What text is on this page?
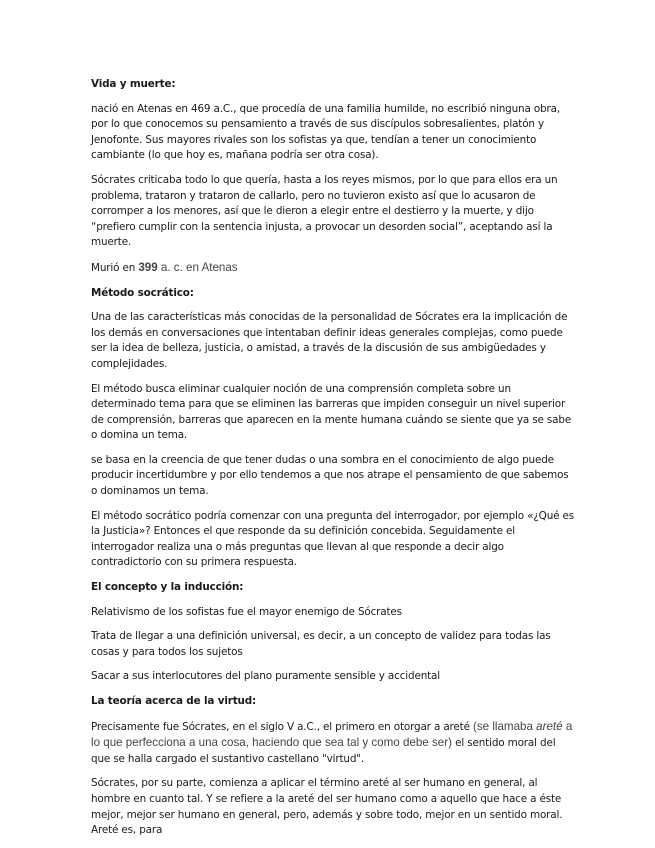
Vida y muerte:
nació en Atenas en 469 a.C., que procedía de una familia humilde, no escribió ninguna obra, por lo que conocemos su pensamiento a través de sus discípulos sobresalientes, platón y Jenofonte. Sus mayores rivales son los sofistas ya que, tendían a tener un conocimiento cambiante (lo que hoy es, mañana podría ser otra cosa).
Sócrates criticaba todo lo que quería, hasta a los reyes mismos, por lo que para ellos era un problema, trataron y trataron de callarlo, pero no tuvieron existo así que lo acusaron de corromper a los menores, así que le dieron a elegir entre el destierro y la muerte, y dijo “prefiero cumplir con la sentencia injusta, a provocar un desorden social”, aceptando así la muerte.
Murió en 399 a. c. en Atenas
Método socrático:
Una de las características más conocidas de la personalidad de Sócrates era la implicación de los demás en conversaciones que intentaban definir ideas generales complejas, como puede ser la idea de belleza, justicia, o amistad, a través de la discusión de sus ambigüedades y complejidades.
El método busca eliminar cualquier noción de una comprensión completa sobre un determinado tema para que se eliminen las barreras que impiden conseguir un nivel superior de comprensión, barreras que aparecen en la mente humana cuándo se siente que ya se sabe o domina un tema.
se basa en la creencia de que tener dudas o una sombra en el conocimiento de algo puede producir incertidumbre y por ello tendemos a que nos atrape el pensamiento de que sabemos o dominamos un tema.
El método socrático podría comenzar con una pregunta del interrogador, por ejemplo «¿Qué es la Justicia»? Entonces el que responde da su definición concebida. Seguidamente el interrogador realiza una o más preguntas que llevan al que responde a decir algo contradictorio con su primera respuesta.
El concepto y la inducción:
Relativismo de los sofistas fue el mayor enemigo de Sócrates
Trata de llegar a una definición universal, es decir, a un concepto de validez para todas las cosas y para todos los sujetos
Sacar a sus interlocutores del plano puramente sensible y accidental
La teoría acerca de la virtud:
Precisamente fue Sócrates, en el siglo V a.C., el primero en otorgar a areté (se llamaba areté a lo que perfecciona a una cosa, haciendo que sea tal y como debe ser) el sentido moral del que se halla cargado el sustantivo castellano "virtud".
Sócrates, por su parte, comienza a aplicar el término areté al ser humano en general, al hombre en cuanto tal. Y se refiere a la areté del ser humano como a aquello que hace a éste mejor, mejor ser humano en general, pero, además y sobre todo, mejor en un sentido moral. Areté es, para
